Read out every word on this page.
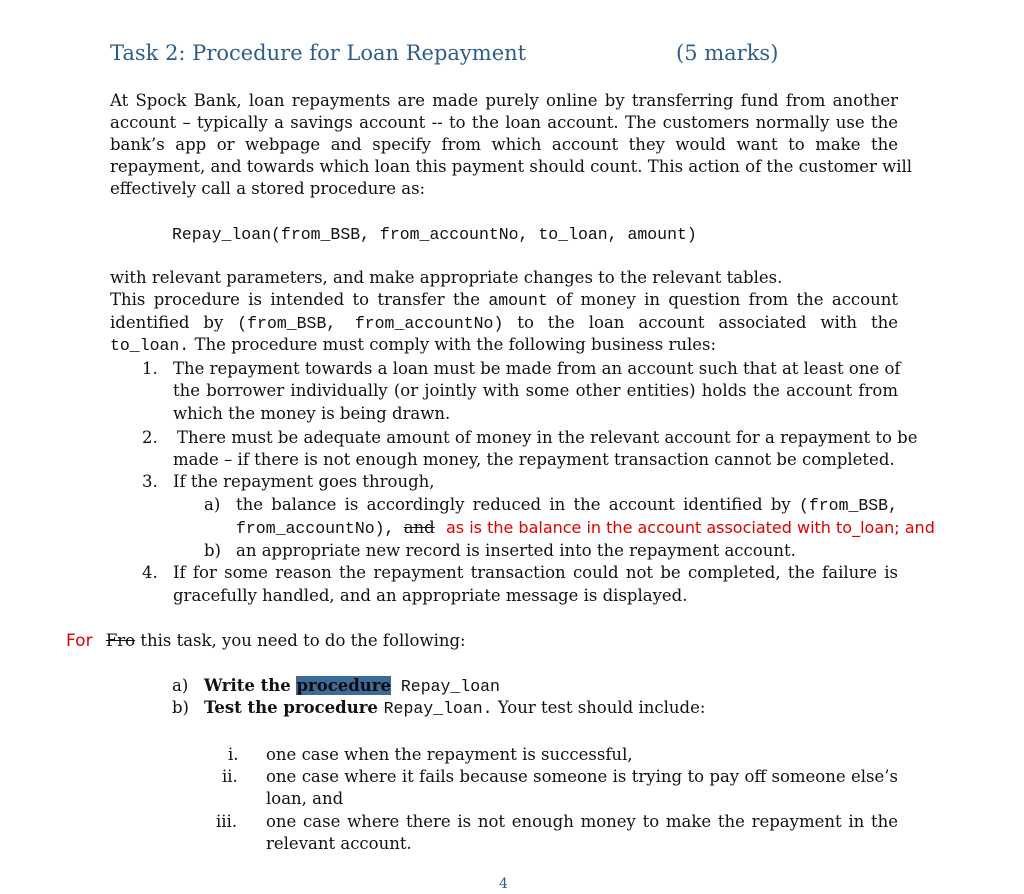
Task 2: Procedure for Loan Repayment	(5 marks)
At Spock Bank, loan repayments are made purely online by transferring fund from another
account – typically a savings account -- to the loan account. The customers normally use the
bank’s app or webpage and specify from which account they would want to make the
repayment, and towards which loan this payment should count. This action of the customer will
effectively call a stored procedure as:
Repay_loan(from_BSB, from_accountNo, to_loan, amount)
with relevant parameters, and make appropriate changes to the relevant tables.
This procedure is intended to transfer the amount of money in question from the account
identified by (from_BSB, from_accountNo) to the loan account associated with the
to_loan. The procedure must comply with the following business rules:
1. The repayment towards a loan must be made from an account such that at least one of
the borrower individually (or jointly with some other entities) holds the account from
which the money is being drawn.
2. There must be adequate amount of money in the relevant account for a repayment to be
made – if there is not enough money, the repayment transaction cannot be completed.
3. If the repayment goes through,
a) the balance is accordingly reduced in the account identified by (from_BSB,
from_accountNo), and as is the balance in the account associated with to_loan; and
b) an appropriate new record is inserted into the repayment account.
4. If for some reason the repayment transaction could not be completed, the failure is
gracefully handled, and an appropriate message is displayed.
For Fro this task, you need to do the following:
a) Write the procedure Repay_loan
b) Test the procedure Repay_loan. Your test should include:
i. one case when the repayment is successful,
ii. one case where it fails because someone is trying to pay off someone else’s
loan, and
iii. one case where there is not enough money to make the repayment in the
relevant account.
4
